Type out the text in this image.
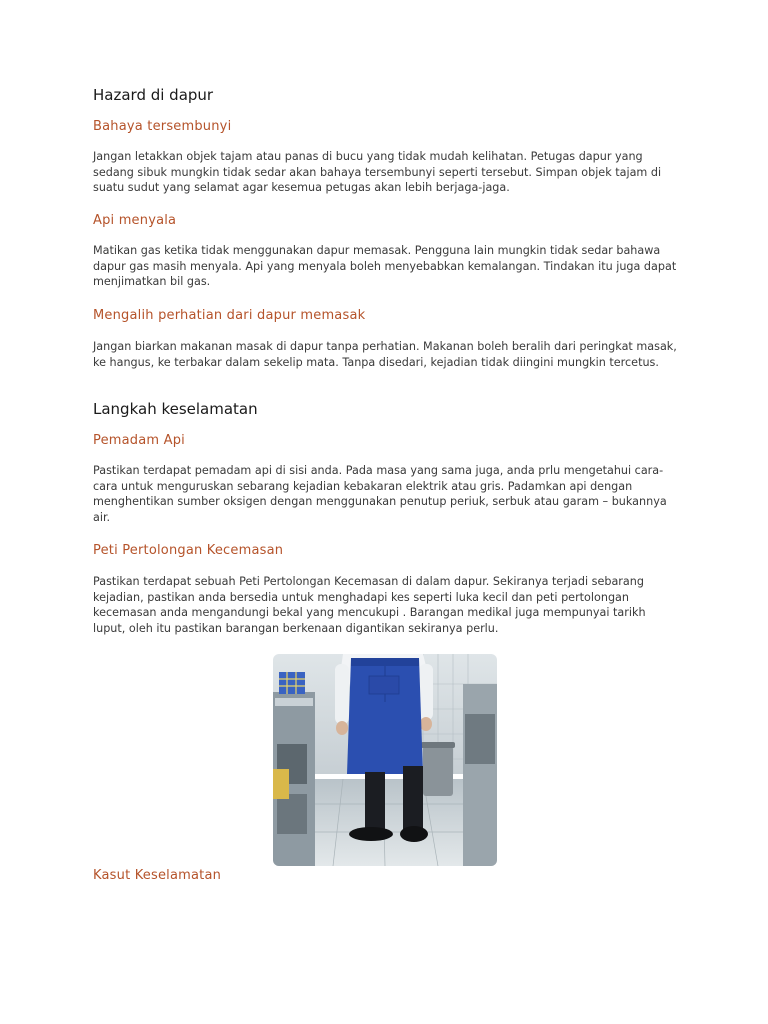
Hazard di dapur
Bahaya tersembunyi

Jangan letakkan objek tajam atau panas di bucu yang tidak mudah kelihatan. Petugas dapur yang sedang sibuk mungkin tidak sedar akan bahaya tersembunyi seperti tersebut. Simpan objek tajam di suatu sudut yang selamat agar kesemua petugas akan lebih berjaga-jaga.

Api menyala

Matikan gas ketika tidak menggunakan dapur memasak. Pengguna lain mungkin tidak sedar bahawa dapur gas masih menyala. Api yang menyala boleh menyebabkan kemalangan. Tindakan itu juga dapat menjimatkan bil gas.

Mengalih perhatian dari dapur memasak

Jangan biarkan makanan masak di dapur tanpa perhatian. Makanan boleh beralih dari peringkat masak, ke hangus, ke terbakar dalam sekelip mata. Tanpa disedari, kejadian tidak diingini mungkin tercetus.

Langkah keselamatan
Pemadam Api

Pastikan terdapat pemadam api di sisi anda. Pada masa yang sama juga, anda prlu mengetahui cara-cara untuk menguruskan sebarang kejadian kebakaran elektrik atau gris. Padamkan api dengan menghentikan sumber oksigen dengan menggunakan penutup periuk, serbuk atau garam – bukannya air.

Peti Pertolongan Kecemasan

Pastikan terdapat sebuah Peti Pertolongan Kecemasan di dalam dapur. Sekiranya terjadi sebarang kejadian, pastikan anda bersedia untuk menghadapi kes seperti luka kecil dan peti pertolongan kecemasan anda mengandungi bekal yang mencukupi . Barangan medikal juga mempunyai tarikh luput, oleh itu pastikan barangan berkenaan digantikan sekiranya perlu.

Kasut Keselamatan
